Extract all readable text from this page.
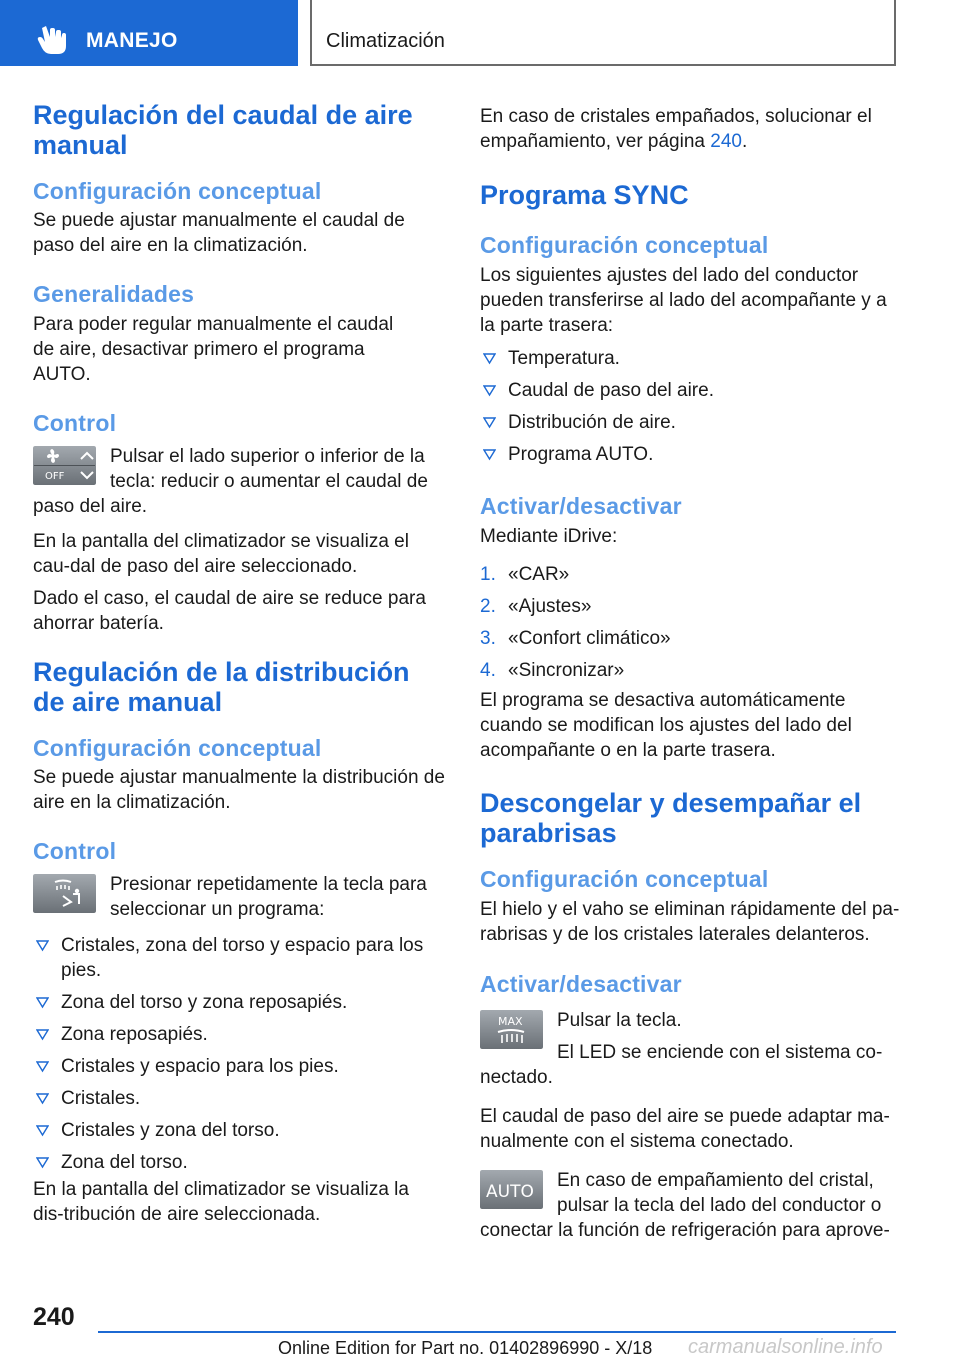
MANEJO	Climatización
Regulación del caudal de aire manual
Configuración conceptual

Se puede ajustar manualmente el caudal de paso del aire en la climatización.

Generalidades

Para poder regular manualmente el caudal de aire, desactivar primero el programa AUTO.

Control
OFF

Pulsar el lado superior o inferior de la tecla: reducir o aumentar el caudal de paso del aire.

En la pantalla del climatizador se visualiza el cau-dal de paso del aire seleccionado.

Dado el caso, el caudal de aire se reduce para ahorrar batería.

Regulación de la distribución de aire manual
Configuración conceptual

Se puede ajustar manualmente la distribución de aire en la climatización.

Control

Presionar repetidamente la tecla para seleccionar un programa:

Cristales, zona del torso y espacio para los pies.
Zona del torso y zona reposapiés.
Zona reposapiés.
Cristales y espacio para los pies.
Cristales.
Cristales y zona del torso.
Zona del torso.

En la pantalla del climatizador se visualiza la dis-tribución de aire seleccionada.

En caso de cristales empañados, solucionar el empañamiento, ver página 240.

Programa SYNC
Configuración conceptual

Los siguientes ajustes del lado del conductor pueden transferirse al lado del acompañante y a la parte trasera:

Temperatura.
Caudal de paso del aire.
Distribución de aire.
Programa AUTO.
Activar/desactivar

Mediante iDrive:

1. «CAR»
2. «Ajustes»
3. «Confort climático»
4. «Sincronizar»

El programa se desactiva automáticamente cuando se modifican los ajustes del lado del acompañante o en la parte trasera.

Descongelar y desempañar el parabrisas
Configuración conceptual

El hielo y el vaho se eliminan rápidamente del pa-rabrisas y de los cristales laterales delanteros.

Activar/desactivar
MAX	Pulsar la tecla.

El LED se enciende con el sistema co-nectado.

El caudal de paso del aire se puede adaptar ma-nualmente con el sistema conectado.

AUTO

En caso de empañamiento del cristal, pulsar la tecla del lado del conductor o conectar la función de refrigeración para aprove-

240
Online Edition for Part no. 01402896990 - X/18 carmanualsonline.info
